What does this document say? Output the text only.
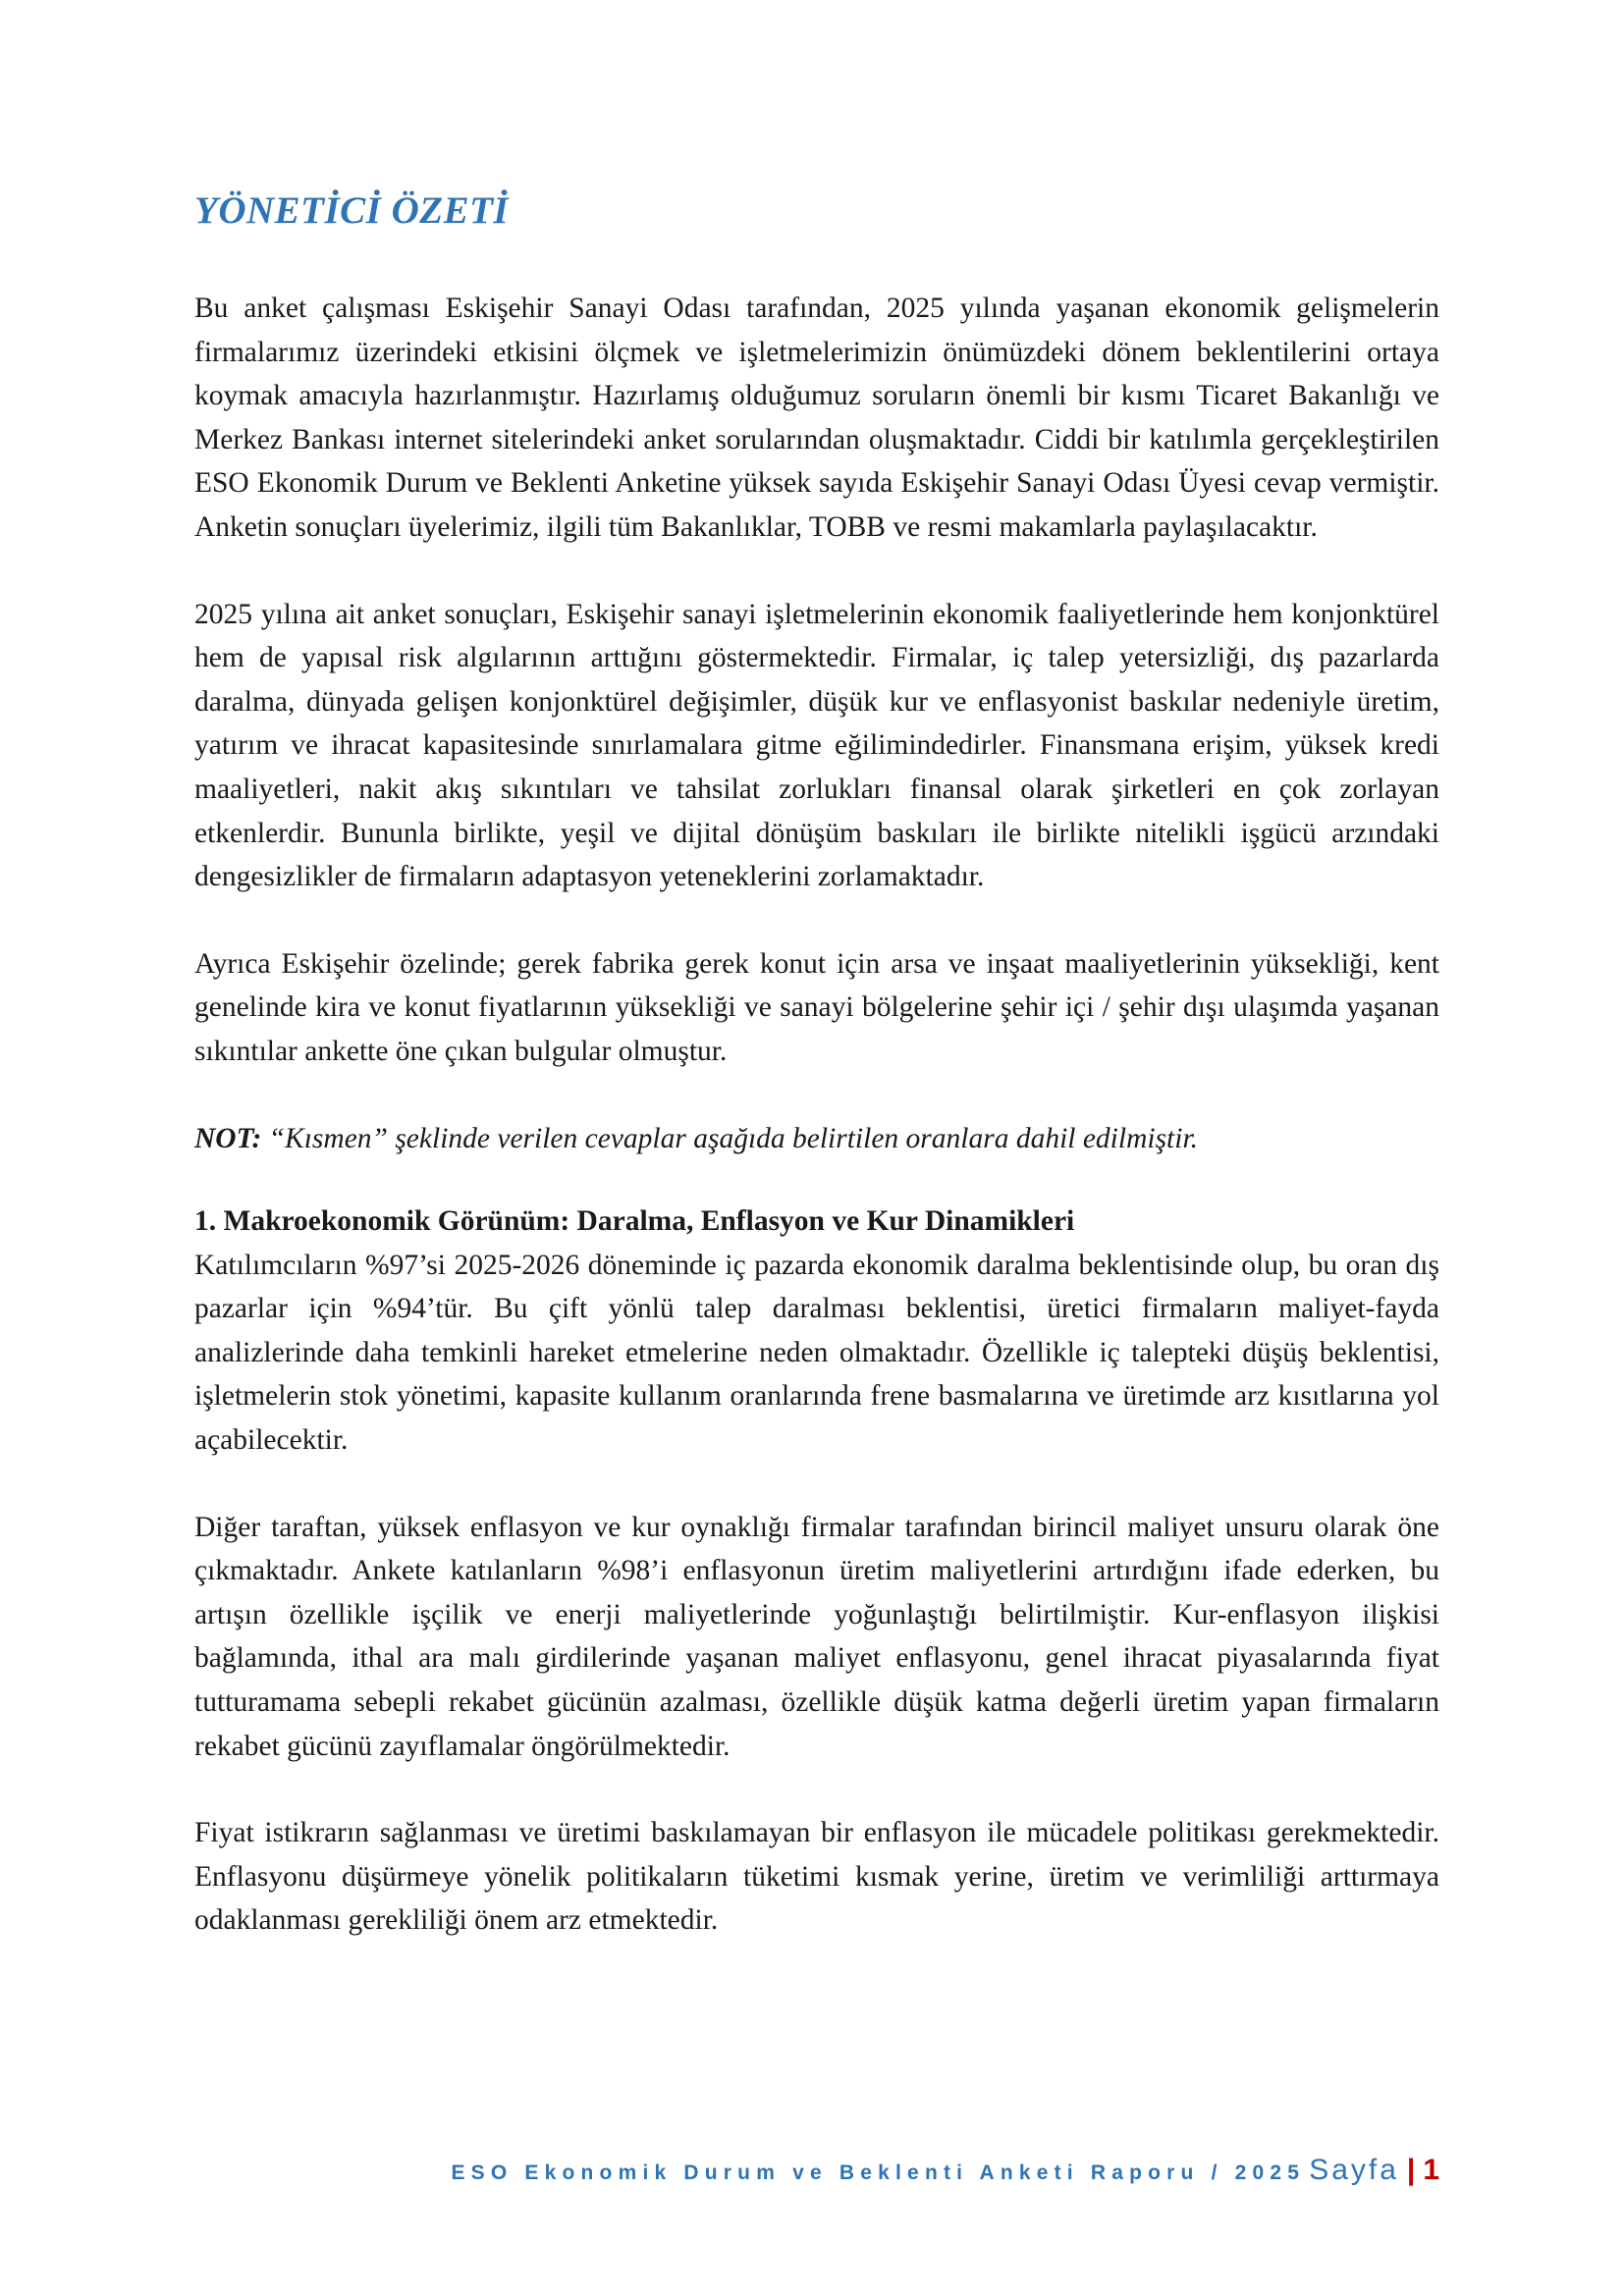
YÖNETİCİ ÖZETİ

Bu anket çalışması Eskişehir Sanayi Odası tarafından, 2025 yılında yaşanan ekonomik gelişmelerin firmalarımız üzerindeki etkisini ölçmek ve işletmelerimizin önümüzdeki dönem beklentilerini ortaya koymak amacıyla hazırlanmıştır. Hazırlamış olduğumuz soruların önemli bir kısmı Ticaret Bakanlığı ve Merkez Bankası internet sitelerindeki anket sorularından oluşmaktadır. Ciddi bir katılımla gerçekleştirilen ESO Ekonomik Durum ve Beklenti Anketine yüksek sayıda Eskişehir Sanayi Odası Üyesi cevap vermiştir. Anketin sonuçları üyelerimiz, ilgili tüm Bakanlıklar, TOBB ve resmi makamlarla paylaşılacaktır.

2025 yılına ait anket sonuçları, Eskişehir sanayi işletmelerinin ekonomik faaliyetlerinde hem konjonktürel hem de yapısal risk algılarının arttığını göstermektedir. Firmalar, iç talep yetersizliği, dış pazarlarda daralma, dünyada gelişen konjonktürel değişimler, düşük kur ve enflasyonist baskılar nedeniyle üretim, yatırım ve ihracat kapasitesinde sınırlamalara gitme eğilimindedirler. Finansmana erişim, yüksek kredi maaliyetleri, nakit akış sıkıntıları ve tahsilat zorlukları finansal olarak şirketleri en çok zorlayan etkenlerdir. Bununla birlikte, yeşil ve dijital dönüşüm baskıları ile birlikte nitelikli işgücü arzındaki dengesizlikler de firmaların adaptasyon yeteneklerini zorlamaktadır.

Ayrıca Eskişehir özelinde; gerek fabrika gerek konut için arsa ve inşaat maaliyetlerinin yüksekliği, kent genelinde kira ve konut fiyatlarının yüksekliği ve sanayi bölgelerine şehir içi / şehir dışı ulaşımda yaşanan sıkıntılar ankette öne çıkan bulgular olmuştur.

NOT: “Kısmen” şeklinde verilen cevaplar aşağıda belirtilen oranlara dahil edilmiştir.

1. Makroekonomik Görünüm: Daralma, Enflasyon ve Kur Dinamikleri

Katılımcıların %97’si 2025-2026 döneminde iç pazarda ekonomik daralma beklentisinde olup, bu oran dış pazarlar için %94’tür. Bu çift yönlü talep daralması beklentisi, üretici firmaların maliyet-fayda analizlerinde daha temkinli hareket etmelerine neden olmaktadır. Özellikle iç talepteki düşüş beklentisi, işletmelerin stok yönetimi, kapasite kullanım oranlarında frene basmalarına ve üretimde arz kısıtlarına yol açabilecektir.

Diğer taraftan, yüksek enflasyon ve kur oynaklığı firmalar tarafından birincil maliyet unsuru olarak öne çıkmaktadır. Ankete katılanların %98’i enflasyonun üretim maliyetlerini artırdığını ifade ederken, bu artışın özellikle işçilik ve enerji maliyetlerinde yoğunlaştığı belirtilmiştir. Kur-enflasyon ilişkisi bağlamında, ithal ara malı girdilerinde yaşanan maliyet enflasyonu, genel ihracat piyasalarında fiyat tutturamama sebepli rekabet gücünün azalması, özellikle düşük katma değerli üretim yapan firmaların rekabet gücünü zayıflamalar öngörülmektedir.

Fiyat istikrarın sağlanması ve üretimi baskılamayan bir enflasyon ile mücadele politikası gerekmektedir. Enflasyonu düşürmeye yönelik politikaların tüketimi kısmak yerine, üretim ve verimliliği arttırmaya odaklanması gerekliliği önem arz etmektedir.

ESO Ekonomik Durum ve Beklenti Anketi Raporu / 2025 Sayfa | 1
